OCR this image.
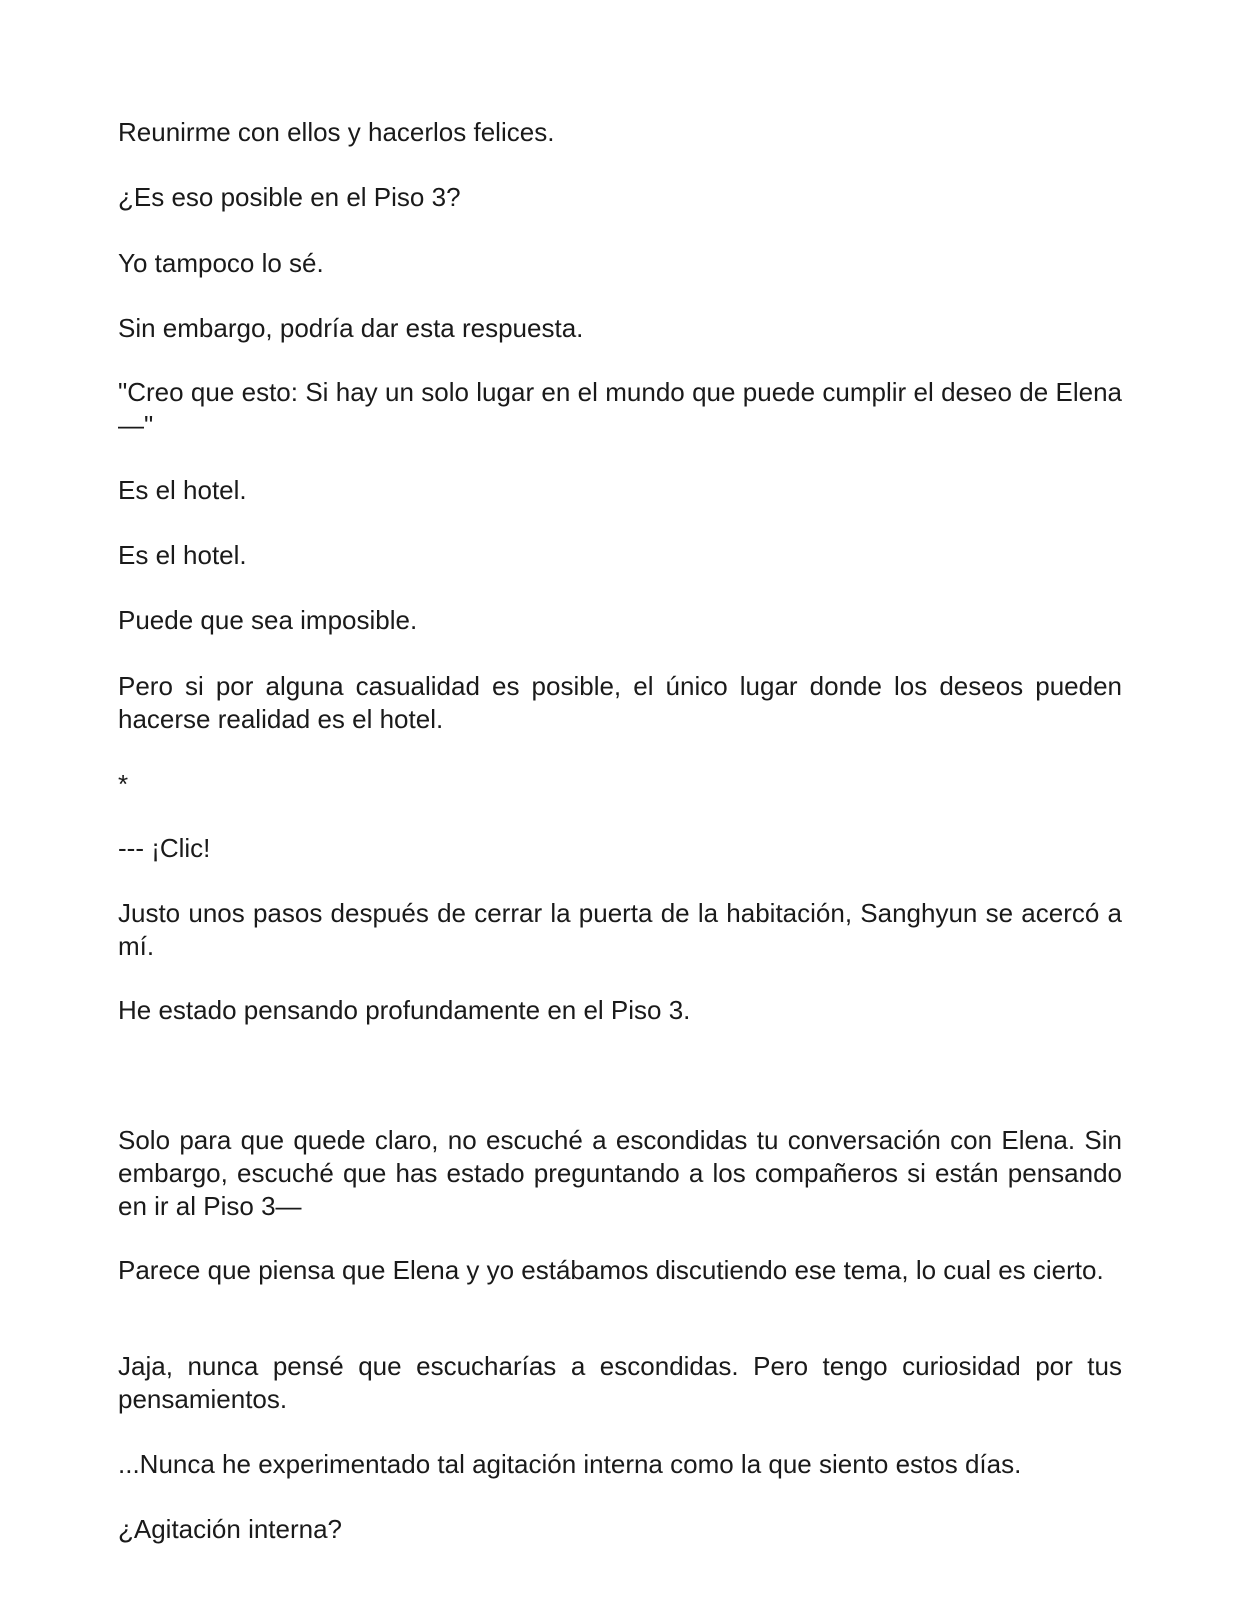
Reunirme con ellos y hacerlos felices.

¿Es eso posible en el Piso 3?

Yo tampoco lo sé.

Sin embargo, podría dar esta respuesta.

"Creo que esto: Si hay un solo lugar en el mundo que puede cumplir el deseo de Elena—"

Es el hotel.

Es el hotel.

Puede que sea imposible.

Pero si por alguna casualidad es posible, el único lugar donde los deseos pueden hacerse realidad es el hotel.

*

--- ¡Clic!

Justo unos pasos después de cerrar la puerta de la habitación, Sanghyun se acercó a mí.

He estado pensando profundamente en el Piso 3.

Solo para que quede claro, no escuché a escondidas tu conversación con Elena. Sin embargo, escuché que has estado preguntando a los compañeros si están pensando en ir al Piso 3—

Parece que piensa que Elena y yo estábamos discutiendo ese tema, lo cual es cierto.

Jaja, nunca pensé que escucharías a escondidas. Pero tengo curiosidad por tus pensamientos.

...Nunca he experimentado tal agitación interna como la que siento estos días.

¿Agitación interna?
